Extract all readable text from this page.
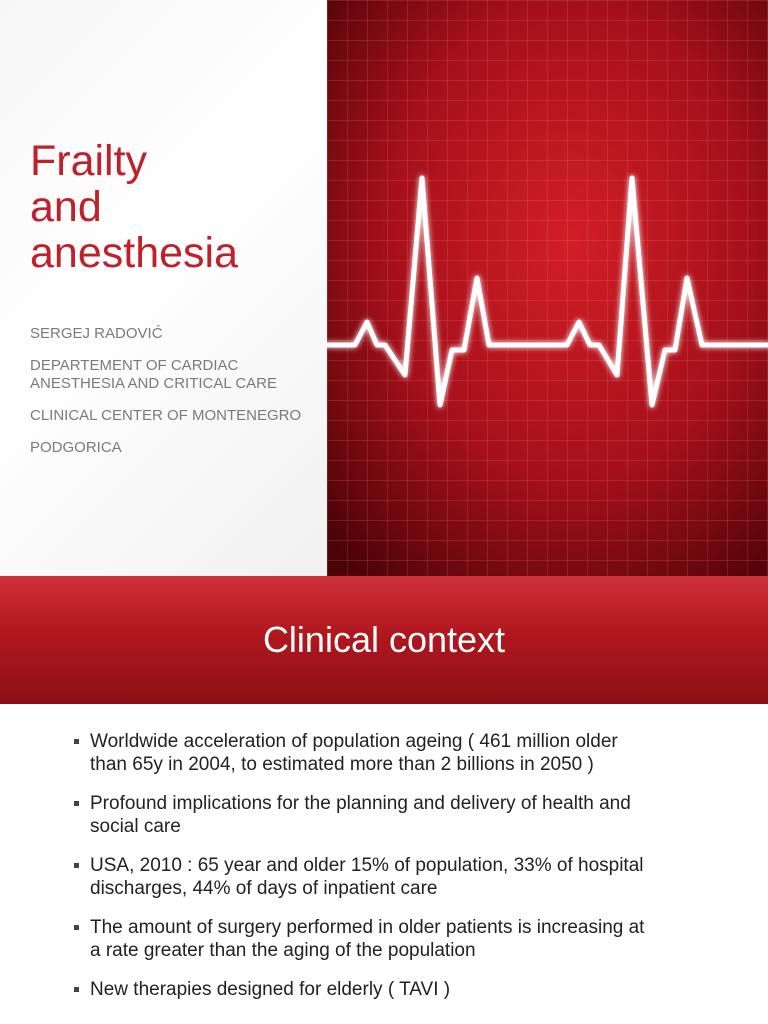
Frailty
and
anesthesia

SERGEJ RADOVIĆ

DEPARTEMENT OF CARDIAC ANESTHESIA AND CRITICAL CARE

CLINICAL CENTER OF MONTENEGRO

PODGORICA

Clinical context
Worldwide acceleration of population ageing ( 461 million older than 65y in 2004, to estimated more than 2 billions in 2050 )
Profound implications for the planning and delivery of health and social care
USA, 2010 : 65 year and older 15% of population, 33% of hospital discharges, 44% of days of inpatient care
The amount of surgery performed in older patients is increasing at a rate greater than the aging of the population
New therapies designed for elderly ( TAVI )
